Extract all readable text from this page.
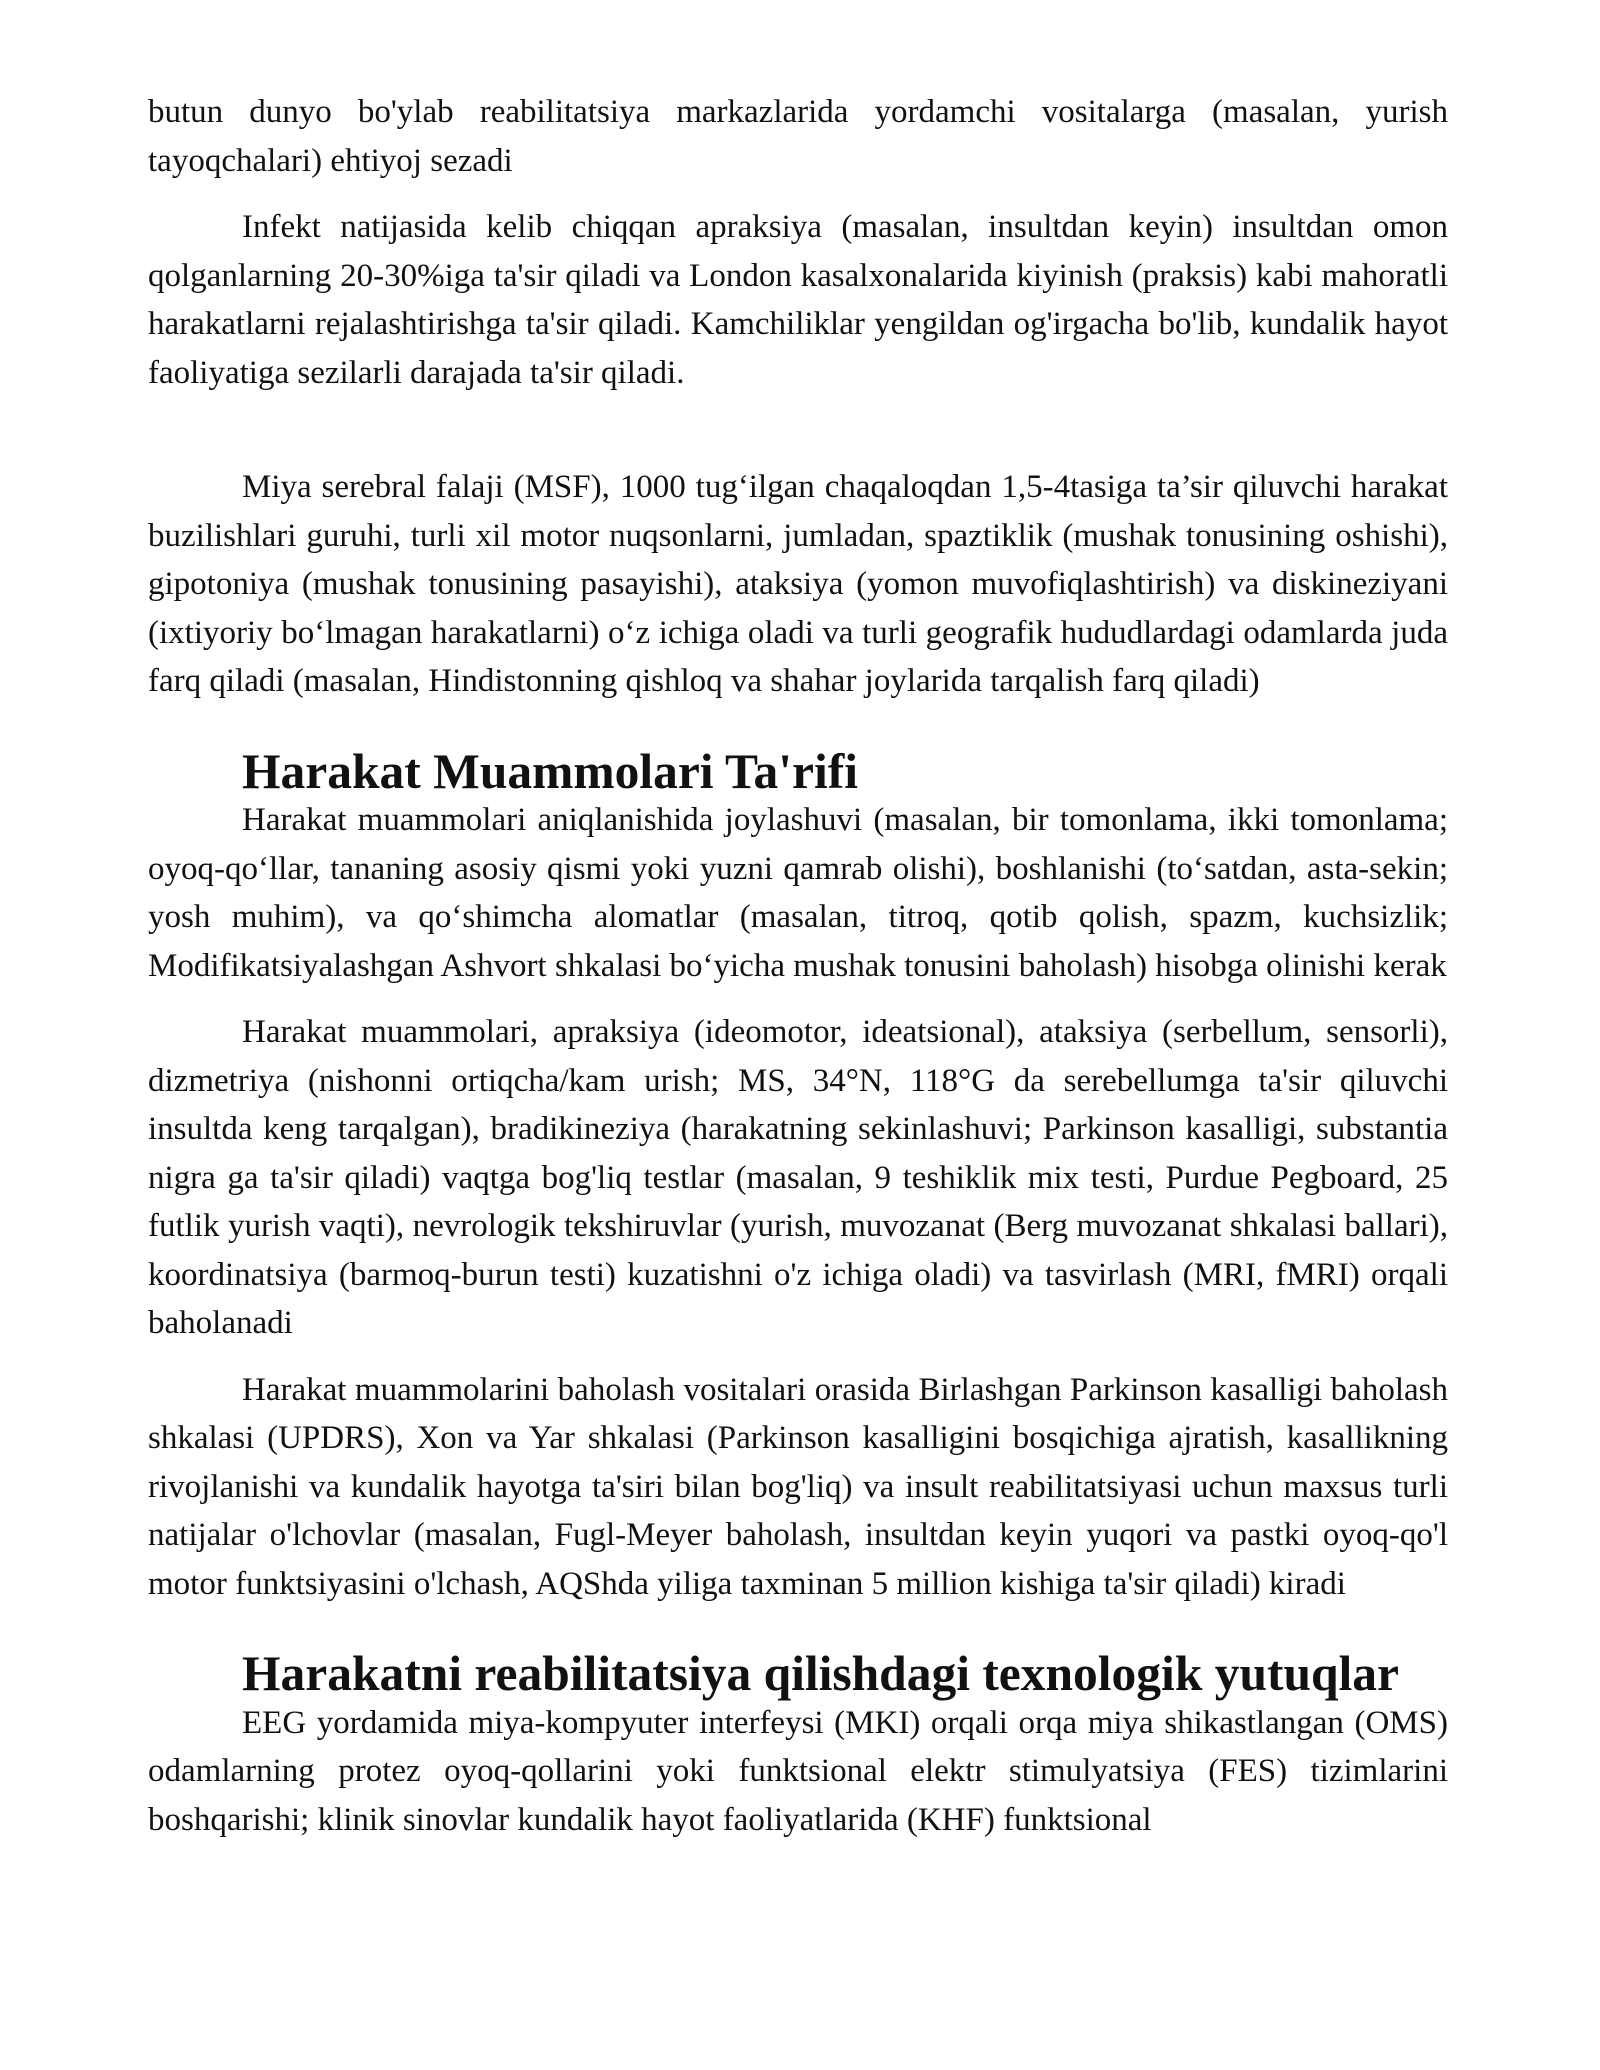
butun dunyo bo'ylab reabilitatsiya markazlarida yordamchi vositalarga (masalan, yurish tayoqchalari) ehtiyoj sezadi

Infekt natijasida kelib chiqqan apraksiya (masalan, insultdan keyin) insultdan omon qolganlarning 20-30%iga ta'sir qiladi va London kasalxonalarida kiyinish (praksis) kabi mahoratli harakatlarni rejalashtirishga ta'sir qiladi. Kamchiliklar yengildan og'irgacha bo'lib, kundalik hayot faoliyatiga sezilarli darajada ta'sir qiladi.

Miya serebral falaji (MSF), 1000 tug‘ilgan chaqaloqdan 1,5-4tasiga ta’sir qiluvchi harakat buzilishlari guruhi, turli xil motor nuqsonlarni, jumladan, spaztiklik (mushak tonusining oshishi), gipotoniya (mushak tonusining pasayishi), ataksiya (yomon muvofiqlashtirish) va diskineziyani (ixtiyoriy bo‘lmagan harakatlarni) o‘z ichiga oladi va turli geografik hududlardagi odamlarda juda farq qiladi (masalan, Hindistonning qishloq va shahar joylarida tarqalish farq qiladi)

Harakat Muammolari Ta'rifi

Harakat muammolari aniqlanishida joylashuvi (masalan, bir tomonlama, ikki tomonlama; oyoq-qo‘llar, tananing asosiy qismi yoki yuzni qamrab olishi), boshlanishi (to‘satdan, asta-sekin; yosh muhim), va qo‘shimcha alomatlar (masalan, titroq, qotib qolish, spazm, kuchsizlik; Modifikatsiyalashgan Ashvort shkalasi bo‘yicha mushak tonusini baholash) hisobga olinishi kerak

Harakat muammolari, apraksiya (ideomotor, ideatsional), ataksiya (serbellum, sensorli), dizmetriya (nishonni ortiqcha/kam urish; MS, 34°N, 118°G da serebellumga ta'sir qiluvchi insultda keng tarqalgan), bradikineziya (harakatning sekinlashuvi; Parkinson kasalligi, substantia nigra ga ta'sir qiladi) vaqtga bog'liq testlar (masalan, 9 teshiklik mix testi, Purdue Pegboard, 25 futlik yurish vaqti), nevrologik tekshiruvlar (yurish, muvozanat (Berg muvozanat shkalasi ballari), koordinatsiya (barmoq-burun testi) kuzatishni o'z ichiga oladi) va tasvirlash (MRI, fMRI) orqali baholanadi

Harakat muammolarini baholash vositalari orasida Birlashgan Parkinson kasalligi baholash shkalasi (UPDRS), Xon va Yar shkalasi (Parkinson kasalligini bosqichiga ajratish, kasallikning rivojlanishi va kundalik hayotga ta'siri bilan bog'liq) va insult reabilitatsiyasi uchun maxsus turli natijalar o'lchovlar (masalan, Fugl-Meyer baholash, insultdan keyin yuqori va pastki oyoq-qo'l motor funktsiyasini o'lchash, AQShda yiliga taxminan 5 million kishiga ta'sir qiladi) kiradi

Harakatni reabilitatsiya qilishdagi texnologik yutuqlar

EEG yordamida miya-kompyuter interfeysi (MKI) orqali orqa miya shikastlangan (OMS) odamlarning protez oyoq-qollarini yoki funktsional elektr stimulyatsiya (FES) tizimlarini boshqarishi; klinik sinovlar kundalik hayot faoliyatlarida (KHF) funktsional
